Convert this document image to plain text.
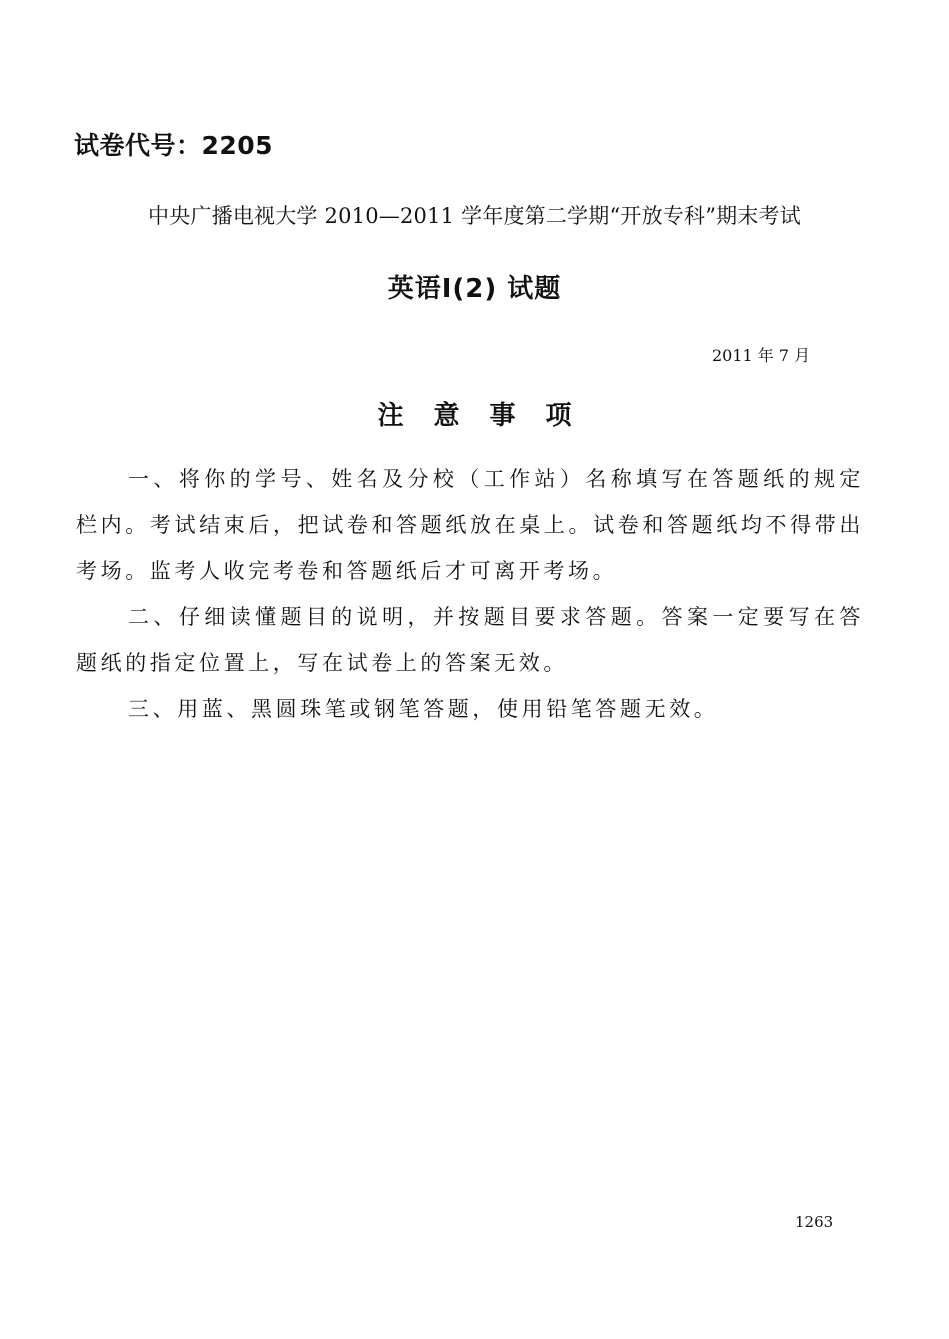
试卷代号：2205
中央广播电视大学 2010—2011 学年度第二学期“开放专科”期末考试
英语Ⅰ(2) 试题
2011 年 7 月
注意事项

一、将你的学号、姓名及分校（工作站）名称填写在答题纸的规定栏内。考试结束后，把试卷和答题纸放在桌上。试卷和答题纸均不得带出考场。监考人收完考卷和答题纸后才可离开考场。

二、仔细读懂题目的说明，并按题目要求答题。答案一定要写在答题纸的指定位置上，写在试卷上的答案无效。

三、用蓝、黑圆珠笔或钢笔答题，使用铅笔答题无效。

1263
